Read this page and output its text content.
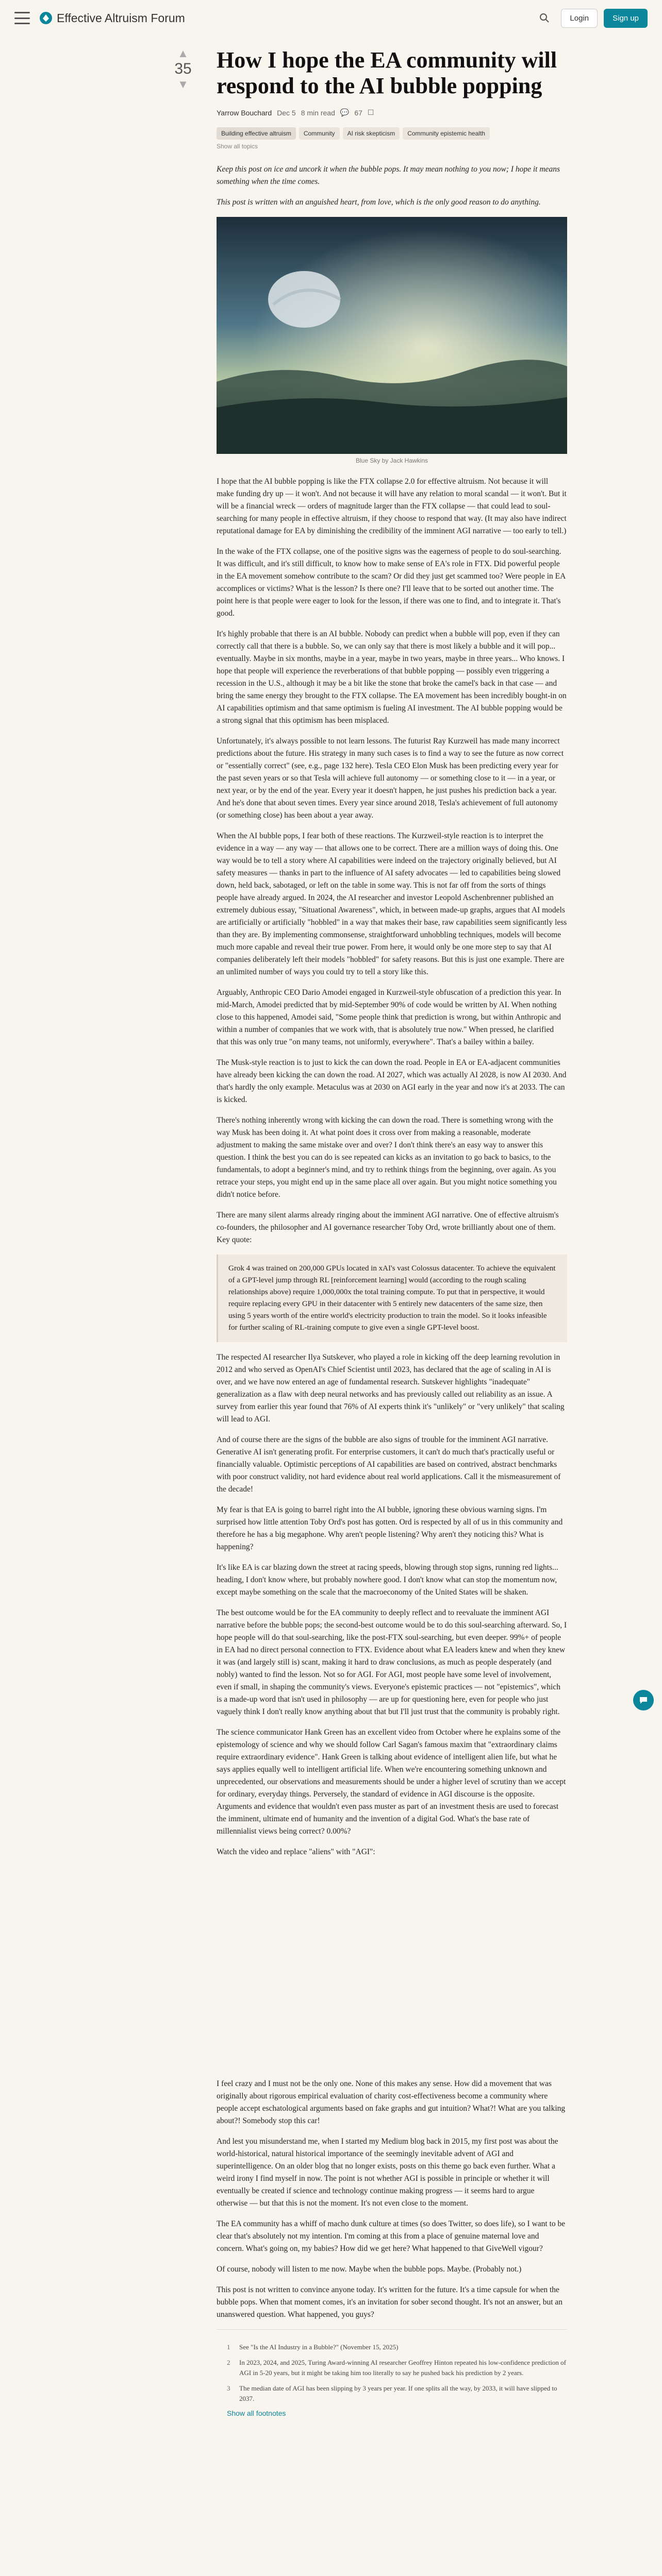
Effective Altruism Forum	Login	Sign up
▲
35
▼
How I hope the EA community will respond to the AI bubble popping
Yarrow Bouchard Dec 5 8 min read 💬 67 ☐
Building effective altruism	Community	AI risk skepticism	Community epistemic health
Show all topics

Keep this post on ice and uncork it when the bubble pops. It may mean nothing to you now; I hope it means something when the time comes.

This post is written with an anguished heart, from love, which is the only good reason to do anything.

Blue Sky by Jack Hawkins

I hope that the AI bubble popping is like the FTX collapse 2.0 for effective altruism. Not because it will make funding dry up — it won't. And not because it will have any relation to moral scandal — it won't. But it will be a financial wreck — orders of magnitude larger than the FTX collapse — that could lead to soul-searching for many people in effective altruism, if they choose to respond that way. (It may also have indirect reputational damage for EA by diminishing the credibility of the imminent AGI narrative — too early to tell.)

In the wake of the FTX collapse, one of the positive signs was the eagerness of people to do soul-searching. It was difficult, and it's still difficult, to know how to make sense of EA's role in FTX. Did powerful people in the EA movement somehow contribute to the scam? Or did they just get scammed too? Were people in EA accomplices or victims? What is the lesson? Is there one? I'll leave that to be sorted out another time. The point here is that people were eager to look for the lesson, if there was one to find, and to integrate it. That's good.

It's highly probable that there is an AI bubble. Nobody can predict when a bubble will pop, even if they can correctly call that there is a bubble. So, we can only say that there is most likely a bubble and it will pop... eventually. Maybe in six months, maybe in a year, maybe in two years, maybe in three years... Who knows. I hope that people will experience the reverberations of that bubble popping — possibly even triggering a recession in the U.S., although it may be a bit like the stone that broke the camel's back in that case — and bring the same energy they brought to the FTX collapse. The EA movement has been incredibly bought-in on AI capabilities optimism and that same optimism is fueling AI investment. The AI bubble popping would be a strong signal that this optimism has been misplaced.

Unfortunately, it's always possible to not learn lessons. The futurist Ray Kurzweil has made many incorrect predictions about the future. His strategy in many such cases is to find a way to see the future as now correct or "essentially correct" (see, e.g., page 132 here). Tesla CEO Elon Musk has been predicting every year for the past seven years or so that Tesla will achieve full autonomy — or something close to it — in a year, or next year, or by the end of the year. Every year it doesn't happen, he just pushes his prediction back a year. And he's done that about seven times. Every year since around 2018, Tesla's achievement of full autonomy (or something close) has been about a year away.

When the AI bubble pops, I fear both of these reactions. The Kurzweil-style reaction is to interpret the evidence in a way — any way — that allows one to be correct. There are a million ways of doing this. One way would be to tell a story where AI capabilities were indeed on the trajectory originally believed, but AI safety measures — thanks in part to the influence of AI safety advocates — led to capabilities being slowed down, held back, sabotaged, or left on the table in some way. This is not far off from the sorts of things people have already argued. In 2024, the AI researcher and investor Leopold Aschenbrenner published an extremely dubious essay, "Situational Awareness", which, in between made-up graphs, argues that AI models are artificially or artificially "hobbled" in a way that makes their base, raw capabilities seem significantly less than they are. By implementing commonsense, straightforward unhobbling techniques, models will become much more capable and reveal their true power. From here, it would only be one more step to say that AI companies deliberately left their models "hobbled" for safety reasons. But this is just one example. There are an unlimited number of ways you could try to tell a story like this.

Arguably, Anthropic CEO Dario Amodei engaged in Kurzweil-style obfuscation of a prediction this year. In mid-March, Amodei predicted that by mid-September 90% of code would be written by AI. When nothing close to this happened, Amodei said, "Some people think that prediction is wrong, but within Anthropic and within a number of companies that we work with, that is absolutely true now." When pressed, he clarified that this was only true "on many teams, not uniformly, everywhere". That's a bailey within a bailey.

The Musk-style reaction is to just to kick the can down the road. People in EA or EA-adjacent communities have already been kicking the can down the road. AI 2027, which was actually AI 2028, is now AI 2030. And that's hardly the only example. Metaculus was at 2030 on AGI early in the year and now it's at 2033. The can is kicked.

There's nothing inherently wrong with kicking the can down the road. There is something wrong with the way Musk has been doing it. At what point does it cross over from making a reasonable, moderate adjustment to making the same mistake over and over? I don't think there's an easy way to answer this question. I think the best you can do is see repeated can kicks as an invitation to go back to basics, to the fundamentals, to adopt a beginner's mind, and try to rethink things from the beginning, over again. As you retrace your steps, you might end up in the same place all over again. But you might notice something you didn't notice before.

There are many silent alarms already ringing about the imminent AGI narrative. One of effective altruism's co-founders, the philosopher and AI governance researcher Toby Ord, wrote brilliantly about one of them. Key quote:

Grok 4 was trained on 200,000 GPUs located in xAI's vast Colossus datacenter. To achieve the equivalent of a GPT-level jump through RL [reinforcement learning] would (according to the rough scaling relationships above) require 1,000,000x the total training compute. To put that in perspective, it would require replacing every GPU in their datacenter with 5 entirely new datacenters of the same size, then using 5 years worth of the entire world's electricity production to train the model. So it looks infeasible for further scaling of RL-training compute to give even a single GPT-level boost.

The respected AI researcher Ilya Sutskever, who played a role in kicking off the deep learning revolution in 2012 and who served as OpenAI's Chief Scientist until 2023, has declared that the age of scaling in AI is over, and we have now entered an age of fundamental research. Sutskever highlights "inadequate" generalization as a flaw with deep neural networks and has previously called out reliability as an issue. A survey from earlier this year found that 76% of AI experts think it's "unlikely" or "very unlikely" that scaling will lead to AGI.

And of course there are the signs of the bubble are also signs of trouble for the imminent AGI narrative. Generative AI isn't generating profit. For enterprise customers, it can't do much that's practically useful or financially valuable. Optimistic perceptions of AI capabilities are based on contrived, abstract benchmarks with poor construct validity, not hard evidence about real world applications. Call it the mismeasurement of the decade!

My fear is that EA is going to barrel right into the AI bubble, ignoring these obvious warning signs. I'm surprised how little attention Toby Ord's post has gotten. Ord is respected by all of us in this community and therefore he has a big megaphone. Why aren't people listening? Why aren't they noticing this? What is happening?

It's like EA is car blazing down the street at racing speeds, blowing through stop signs, running red lights... heading, I don't know where, but probably nowhere good. I don't know what can stop the momentum now, except maybe something on the scale that the macroeconomy of the United States will be shaken.

The best outcome would be for the EA community to deeply reflect and to reevaluate the imminent AGI narrative before the bubble pops; the second-best outcome would be to do this soul-searching afterward. So, I hope people will do that soul-searching, like the post-FTX soul-searching, but even deeper. 99%+ of people in EA had no direct personal connection to FTX. Evidence about what EA leaders knew and when they knew it was (and largely still is) scant, making it hard to draw conclusions, as much as people desperately (and nobly) wanted to find the lesson. Not so for AGI. For AGI, most people have some level of involvement, even if small, in shaping the community's views. Everyone's epistemic practices — not "epistemics", which is a made-up word that isn't used in philosophy — are up for questioning here, even for people who just vaguely think I don't really know anything about that but I'll just trust that the community is probably right.

The science communicator Hank Green has an excellent video from October where he explains some of the epistemology of science and why we should follow Carl Sagan's famous maxim that "extraordinary claims require extraordinary evidence". Hank Green is talking about evidence of intelligent alien life, but what he says applies equally well to intelligent artificial life. When we're encountering something unknown and unprecedented, our observations and measurements should be under a higher level of scrutiny than we accept for ordinary, everyday things. Perversely, the standard of evidence in AGI discourse is the opposite. Arguments and evidence that wouldn't even pass muster as part of an investment thesis are used to forecast the imminent, ultimate end of humanity and the invention of a digital God. What's the base rate of millennialist views being correct? 0.00%?

Watch the video and replace "aliens" with "AGI":

I feel crazy and I must not be the only one. None of this makes any sense. How did a movement that was originally about rigorous empirical evaluation of charity cost-effectiveness become a community where people accept eschatological arguments based on fake graphs and gut intuition? What?! What are you talking about?! Somebody stop this car!

And lest you misunderstand me, when I started my Medium blog back in 2015, my first post was about the world-historical, natural historical importance of the seemingly inevitable advent of AGI and superintelligence. On an older blog that no longer exists, posts on this theme go back even further. What a weird irony I find myself in now. The point is not whether AGI is possible in principle or whether it will eventually be created if science and technology continue making progress — it seems hard to argue otherwise — but that this is not the moment. It's not even close to the moment.

The EA community has a whiff of macho dunk culture at times (so does Twitter, so does life), so I want to be clear that's absolutely not my intention. I'm coming at this from a place of genuine maternal love and concern. What's going on, my babies? How did we get here? What happened to that GiveWell vigour?

Of course, nobody will listen to me now. Maybe when the bubble pops. Maybe. (Probably not.)

This post is not written to convince anyone today. It's written for the future. It's a time capsule for when the bubble pops. When that moment comes, it's an invitation for sober second thought. It's not an answer, but an unanswered question. What happened, you guys?

1	See "Is the AI Industry in a Bubble?" (November 15, 2025)
2	In 2023, 2024, and 2025, Turing Award-winning AI researcher Geoffrey Hinton repeated his low-confidence prediction of AGI in 5-20 years, but it might be taking him too literally to say he pushed back his prediction by 2 years.
3	The median date of AGI has been slipping by 3 years per year. If one splits all the way, by 2033, it will have slipped to 2037.
Show all footnotes
